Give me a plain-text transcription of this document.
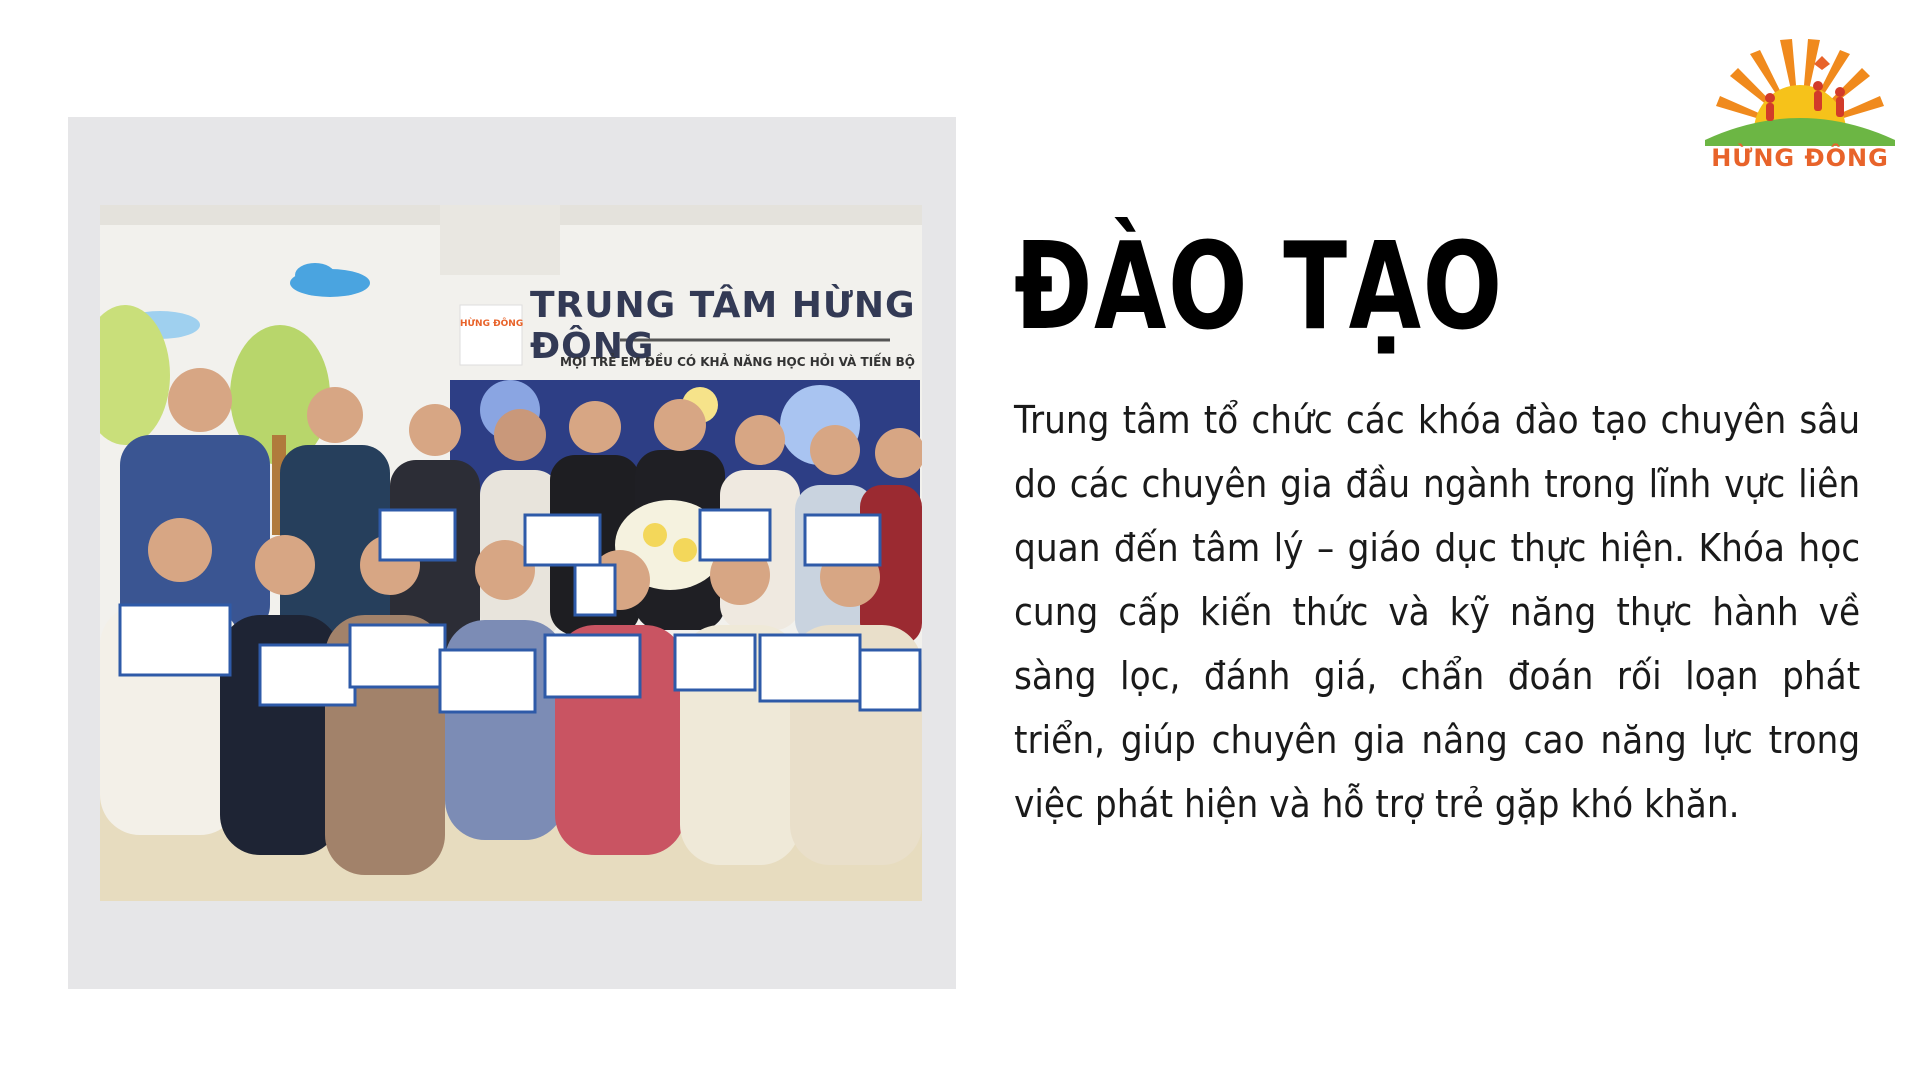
HỪNG ĐÔNG
TRUNG TÂM HỪNG ĐÔNG
HỪNG ĐÔNG
MỌI TRẺ EM ĐỀU CÓ KHẢ NĂNG HỌC HỎI VÀ TIẾN BỘ
ĐÀO TẠO

Trung tâm tổ chức các khóa đào tạo chuyên sâu do các chuyên gia đầu ngành trong lĩnh vực liên quan đến tâm lý – giáo dục thực hiện. Khóa học cung cấp kiến thức và kỹ năng thực hành về sàng lọc, đánh giá, chẩn đoán rối loạn phát triển, giúp chuyên gia nâng cao năng lực trong việc phát hiện và hỗ trợ trẻ gặp khó khăn.
